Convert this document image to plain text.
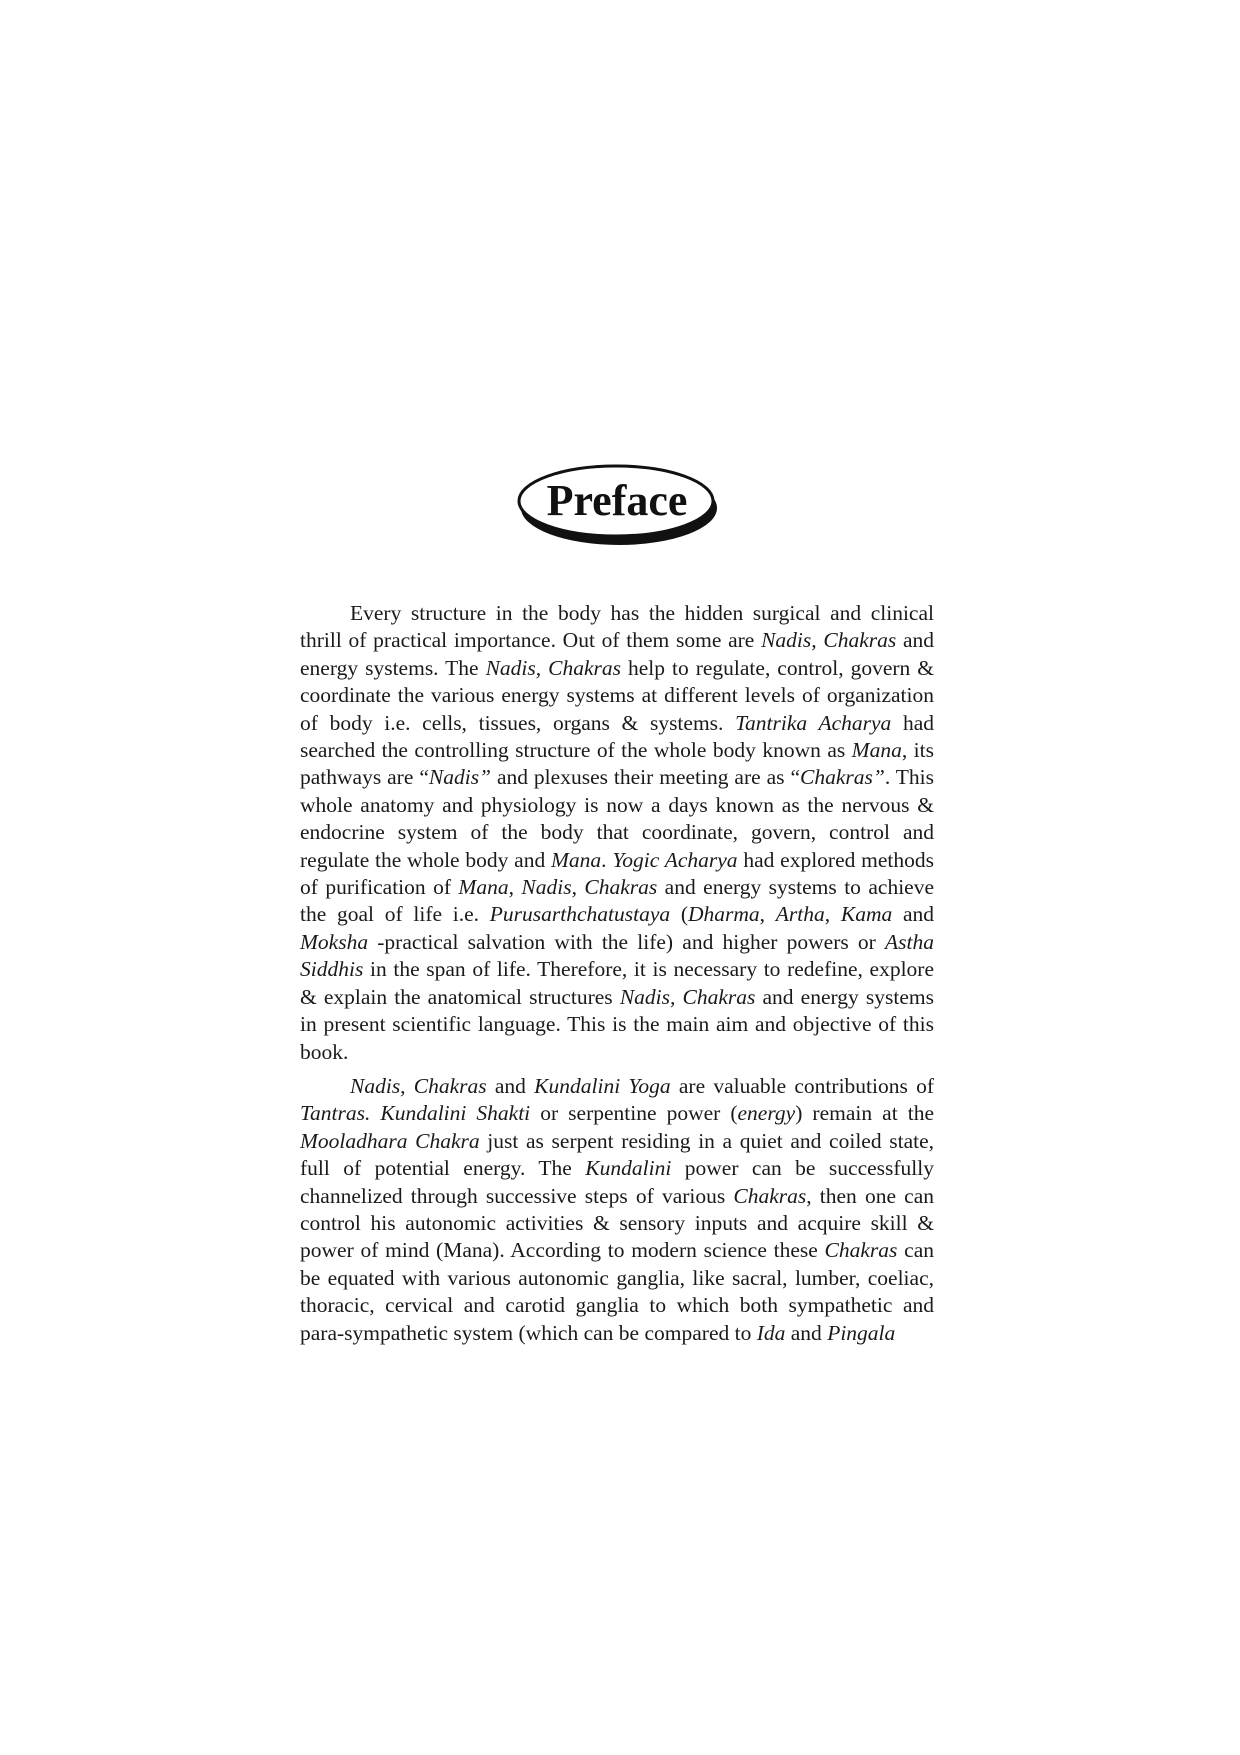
Preface

Every structure in the body has the hidden surgical and clinical thrill of practical importance. Out of them some are Nadis, Chakras and energy systems. The Nadis, Chakras help to regulate, control, govern & coordinate the various energy systems at different levels of organization of body i.e. cells, tissues, organs & systems. Tantrika Acharya had searched the controlling structure of the whole body known as Mana, its pathways are “Nadis” and plexuses their meeting are as “Chakras”. This whole anatomy and physiology is now a days known as the nervous & endocrine system of the body that coordinate, govern, control and regulate the whole body and Mana. Yogic Acharya had explored methods of purification of Mana, Nadis, Chakras and energy systems to achieve the goal of life i.e. Purusarthchatustaya (Dharma, Artha, Kama and Moksha -practical salvation with the life) and higher powers or Astha Siddhis in the span of life. Therefore, it is necessary to redefine, explore & explain the anatomical structures Nadis, Chakras and energy systems in present scientific language. This is the main aim and objective of this book.

Nadis, Chakras and Kundalini Yoga are valuable contributions of Tantras. Kundalini Shakti or serpentine power (energy) remain at the Mooladhara Chakra just as serpent residing in a quiet and coiled state, full of potential energy. The Kundalini power can be successfully channelized through successive steps of various Chakras, then one can control his autonomic activities & sensory inputs and acquire skill & power of mind (Mana). According to modern science these Chakras can be equated with various autonomic ganglia, like sacral, lumber, coeliac, thoracic, cervical and carotid ganglia to which both sympathetic and para-sympathetic system (which can be compared to Ida and Pingala
